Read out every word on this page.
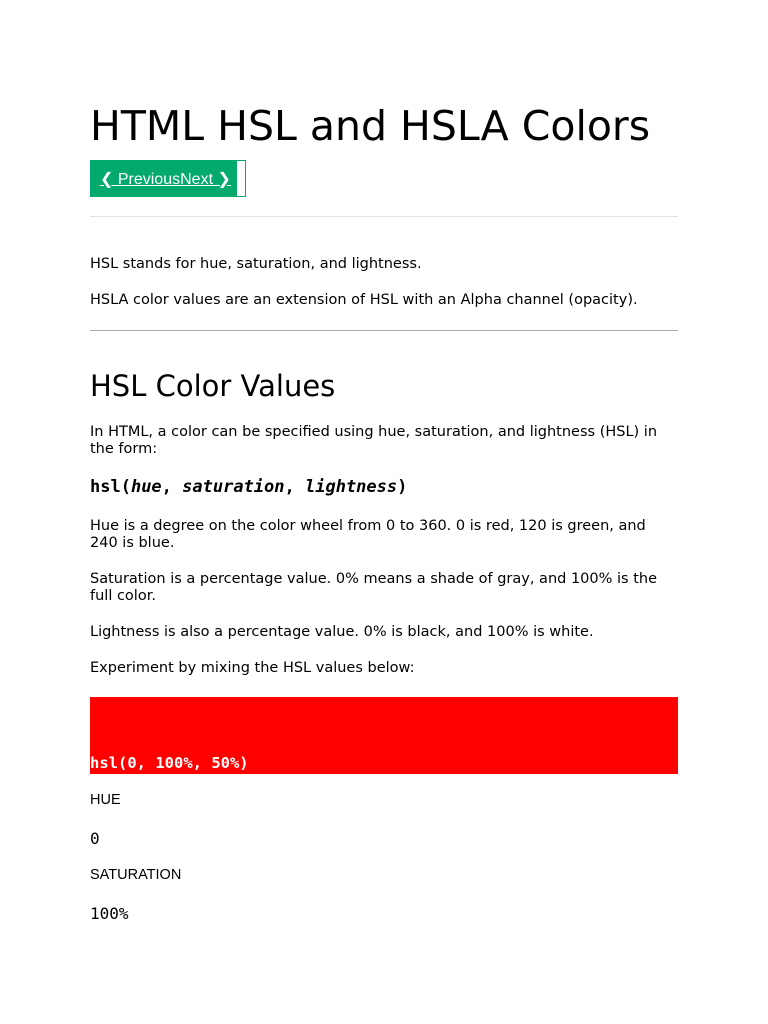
HTML HSL and HSLA Colors
❮ Previous Next ❯
HSL stands for hue, saturation, and lightness.
HSLA color values are an extension of HSL with an Alpha channel (opacity).
HSL Color Values
In HTML, a color can be specified using hue, saturation, and lightness (HSL) in the form:
hsl(hue, saturation, lightness)
Hue is a degree on the color wheel from 0 to 360. 0 is red, 120 is green, and 240 is blue.
Saturation is a percentage value. 0% means a shade of gray, and 100% is the full color.
Lightness is also a percentage value. 0% is black, and 100% is white.
Experiment by mixing the HSL values below:
hsl(0, 100%, 50%)
HUE
0
SATURATION
100%
